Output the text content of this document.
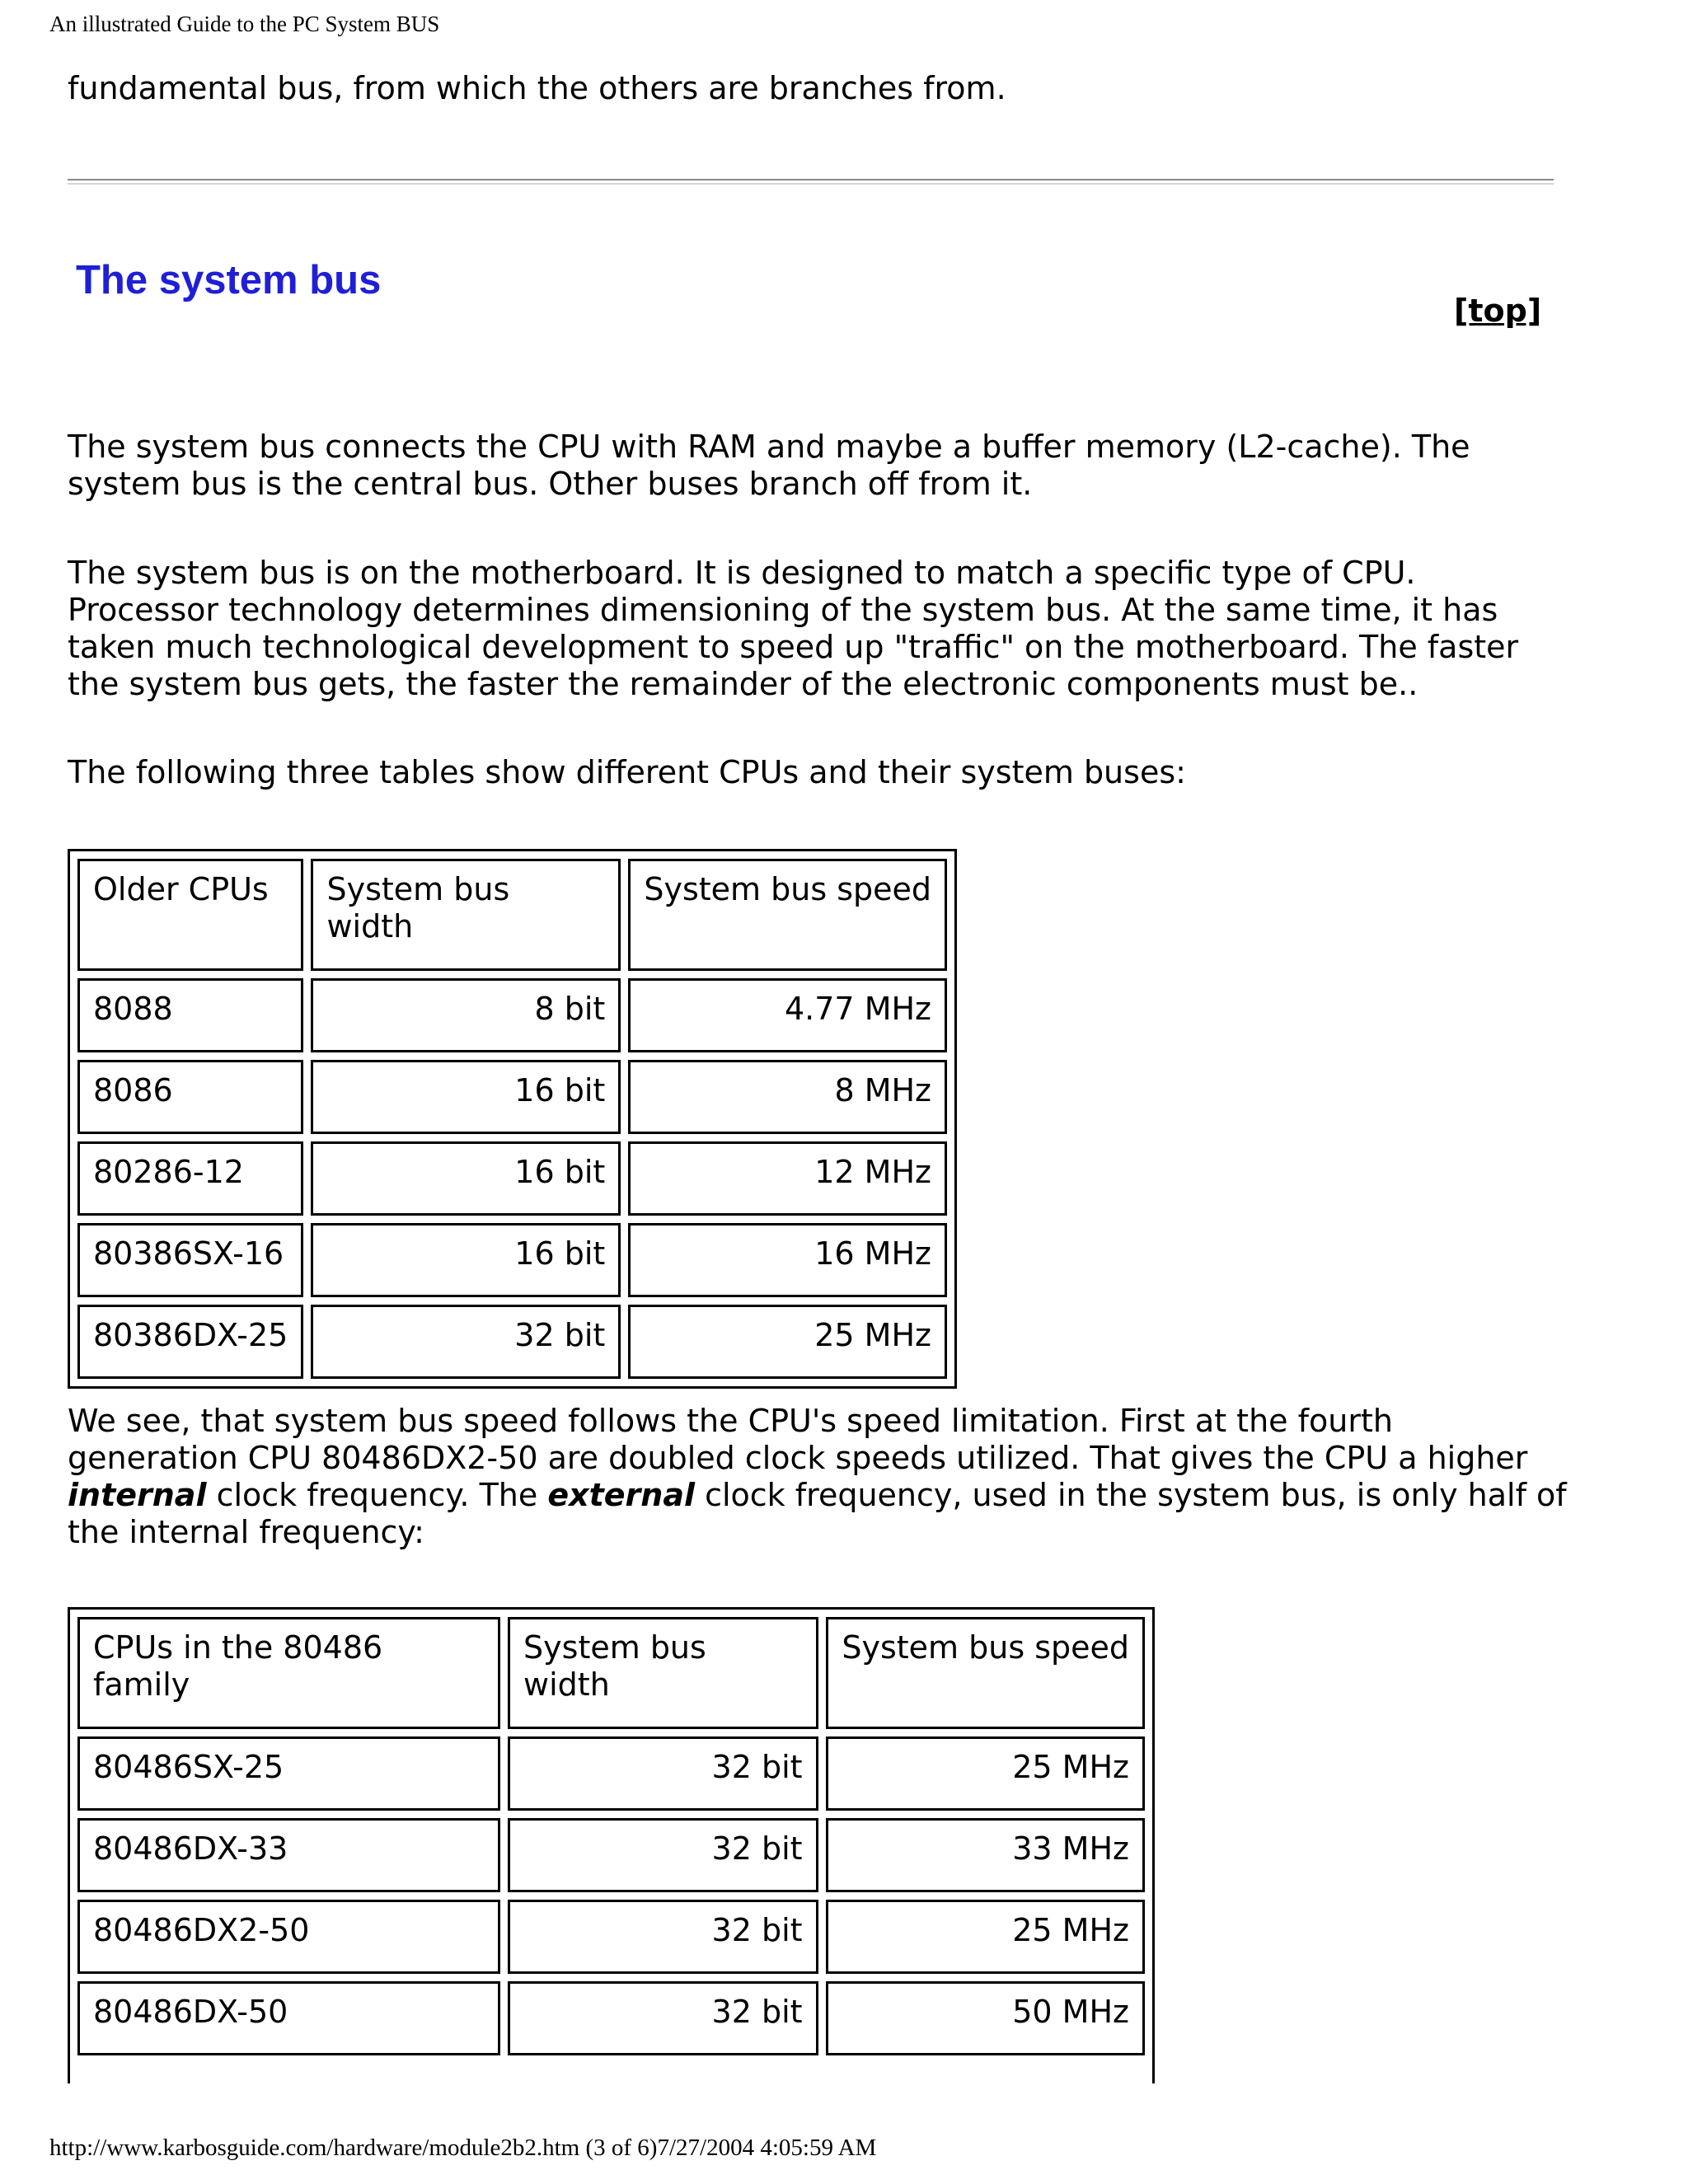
An illustrated Guide to the PC System BUS

fundamental bus, from which the others are branches from.

The system bus
[top]

The system bus connects the CPU with RAM and maybe a buffer memory (L2-cache). The
system bus is the central bus. Other buses branch off from it.

The system bus is on the motherboard. It is designed to match a specific type of CPU.
Processor technology determines dimensioning of the system bus. At the same time, it has
taken much technological development to speed up "traffic" on the motherboard. The faster
the system bus gets, the faster the remainder of the electronic components must be..

The following three tables show different CPUs and their system buses:

Older CPUs	System bus width	System bus speed
8088	8 bit	4.77 MHz
8086	16 bit	8 MHz
80286-12	16 bit	12 MHz
80386SX-16	16 bit	16 MHz
80386DX-25	32 bit	25 MHz

We see, that system bus speed follows the CPU's speed limitation. First at the fourth
generation CPU 80486DX2-50 are doubled clock speeds utilized. That gives the CPU a higher
internal clock frequency. The external clock frequency, used in the system bus, is only half of
the internal frequency:

CPUs in the 80486 family	System bus width	System bus speed
80486SX-25	32 bit	25 MHz
80486DX-33	32 bit	33 MHz
80486DX2-50	32 bit	25 MHz
80486DX-50	32 bit	50 MHz

http://www.karbosguide.com/hardware/module2b2.htm (3 of 6)7/27/2004 4:05:59 AM
